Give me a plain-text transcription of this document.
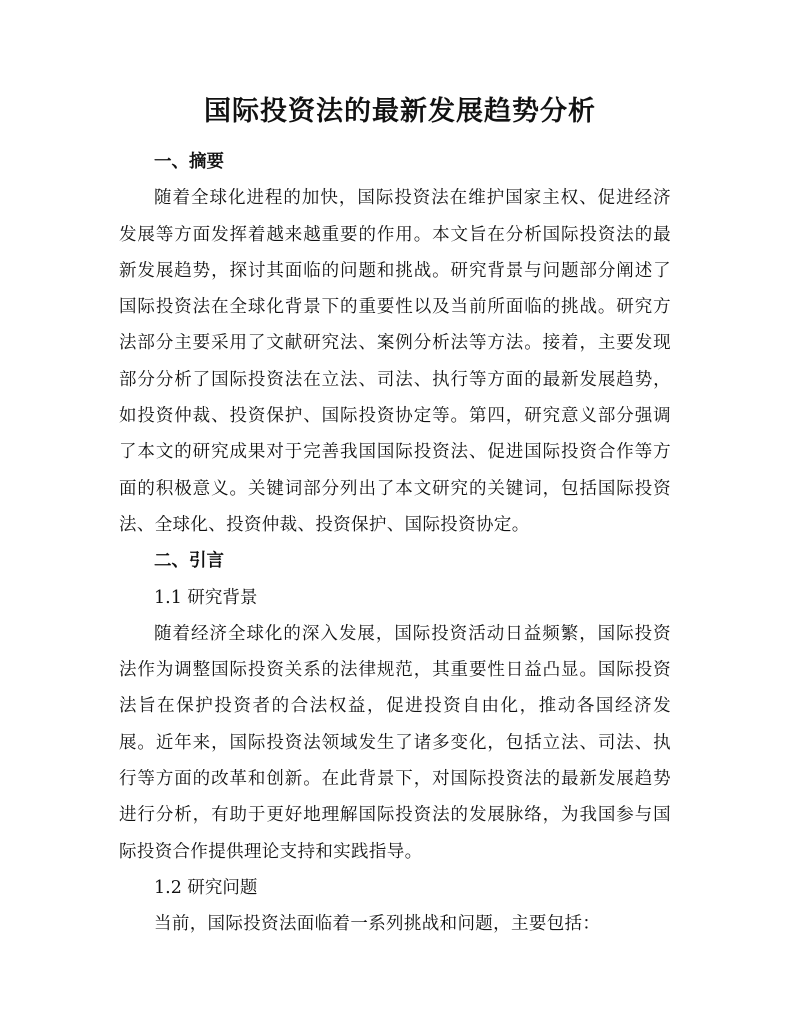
国际投资法的最新发展趋势分析
一、摘要

随着全球化进程的加快，国际投资法在维护国家主权、促进经济发展等方面发挥着越来越重要的作用。本文旨在分析国际投资法的最新发展趋势，探讨其面临的问题和挑战。研究背景与问题部分阐述了国际投资法在全球化背景下的重要性以及当前所面临的挑战。研究方法部分主要采用了文献研究法、案例分析法等方法。接着，主要发现部分分析了国际投资法在立法、司法、执行等方面的最新发展趋势，如投资仲裁、投资保护、国际投资协定等。第四，研究意义部分强调了本文的研究成果对于完善我国国际投资法、促进国际投资合作等方面的积极意义。关键词部分列出了本文研究的关键词，包括国际投资法、全球化、投资仲裁、投资保护、国际投资协定。

二、引言
1.1 研究背景

随着经济全球化的深入发展，国际投资活动日益频繁，国际投资法作为调整国际投资关系的法律规范，其重要性日益凸显。国际投资法旨在保护投资者的合法权益，促进投资自由化，推动各国经济发展。近年来，国际投资法领域发生了诸多变化，包括立法、司法、执行等方面的改革和创新。在此背景下，对国际投资法的最新发展趋势进行分析，有助于更好地理解国际投资法的发展脉络，为我国参与国际投资合作提供理论支持和实践指导。

1.2 研究问题

当前，国际投资法面临着一系列挑战和问题，主要包括：
